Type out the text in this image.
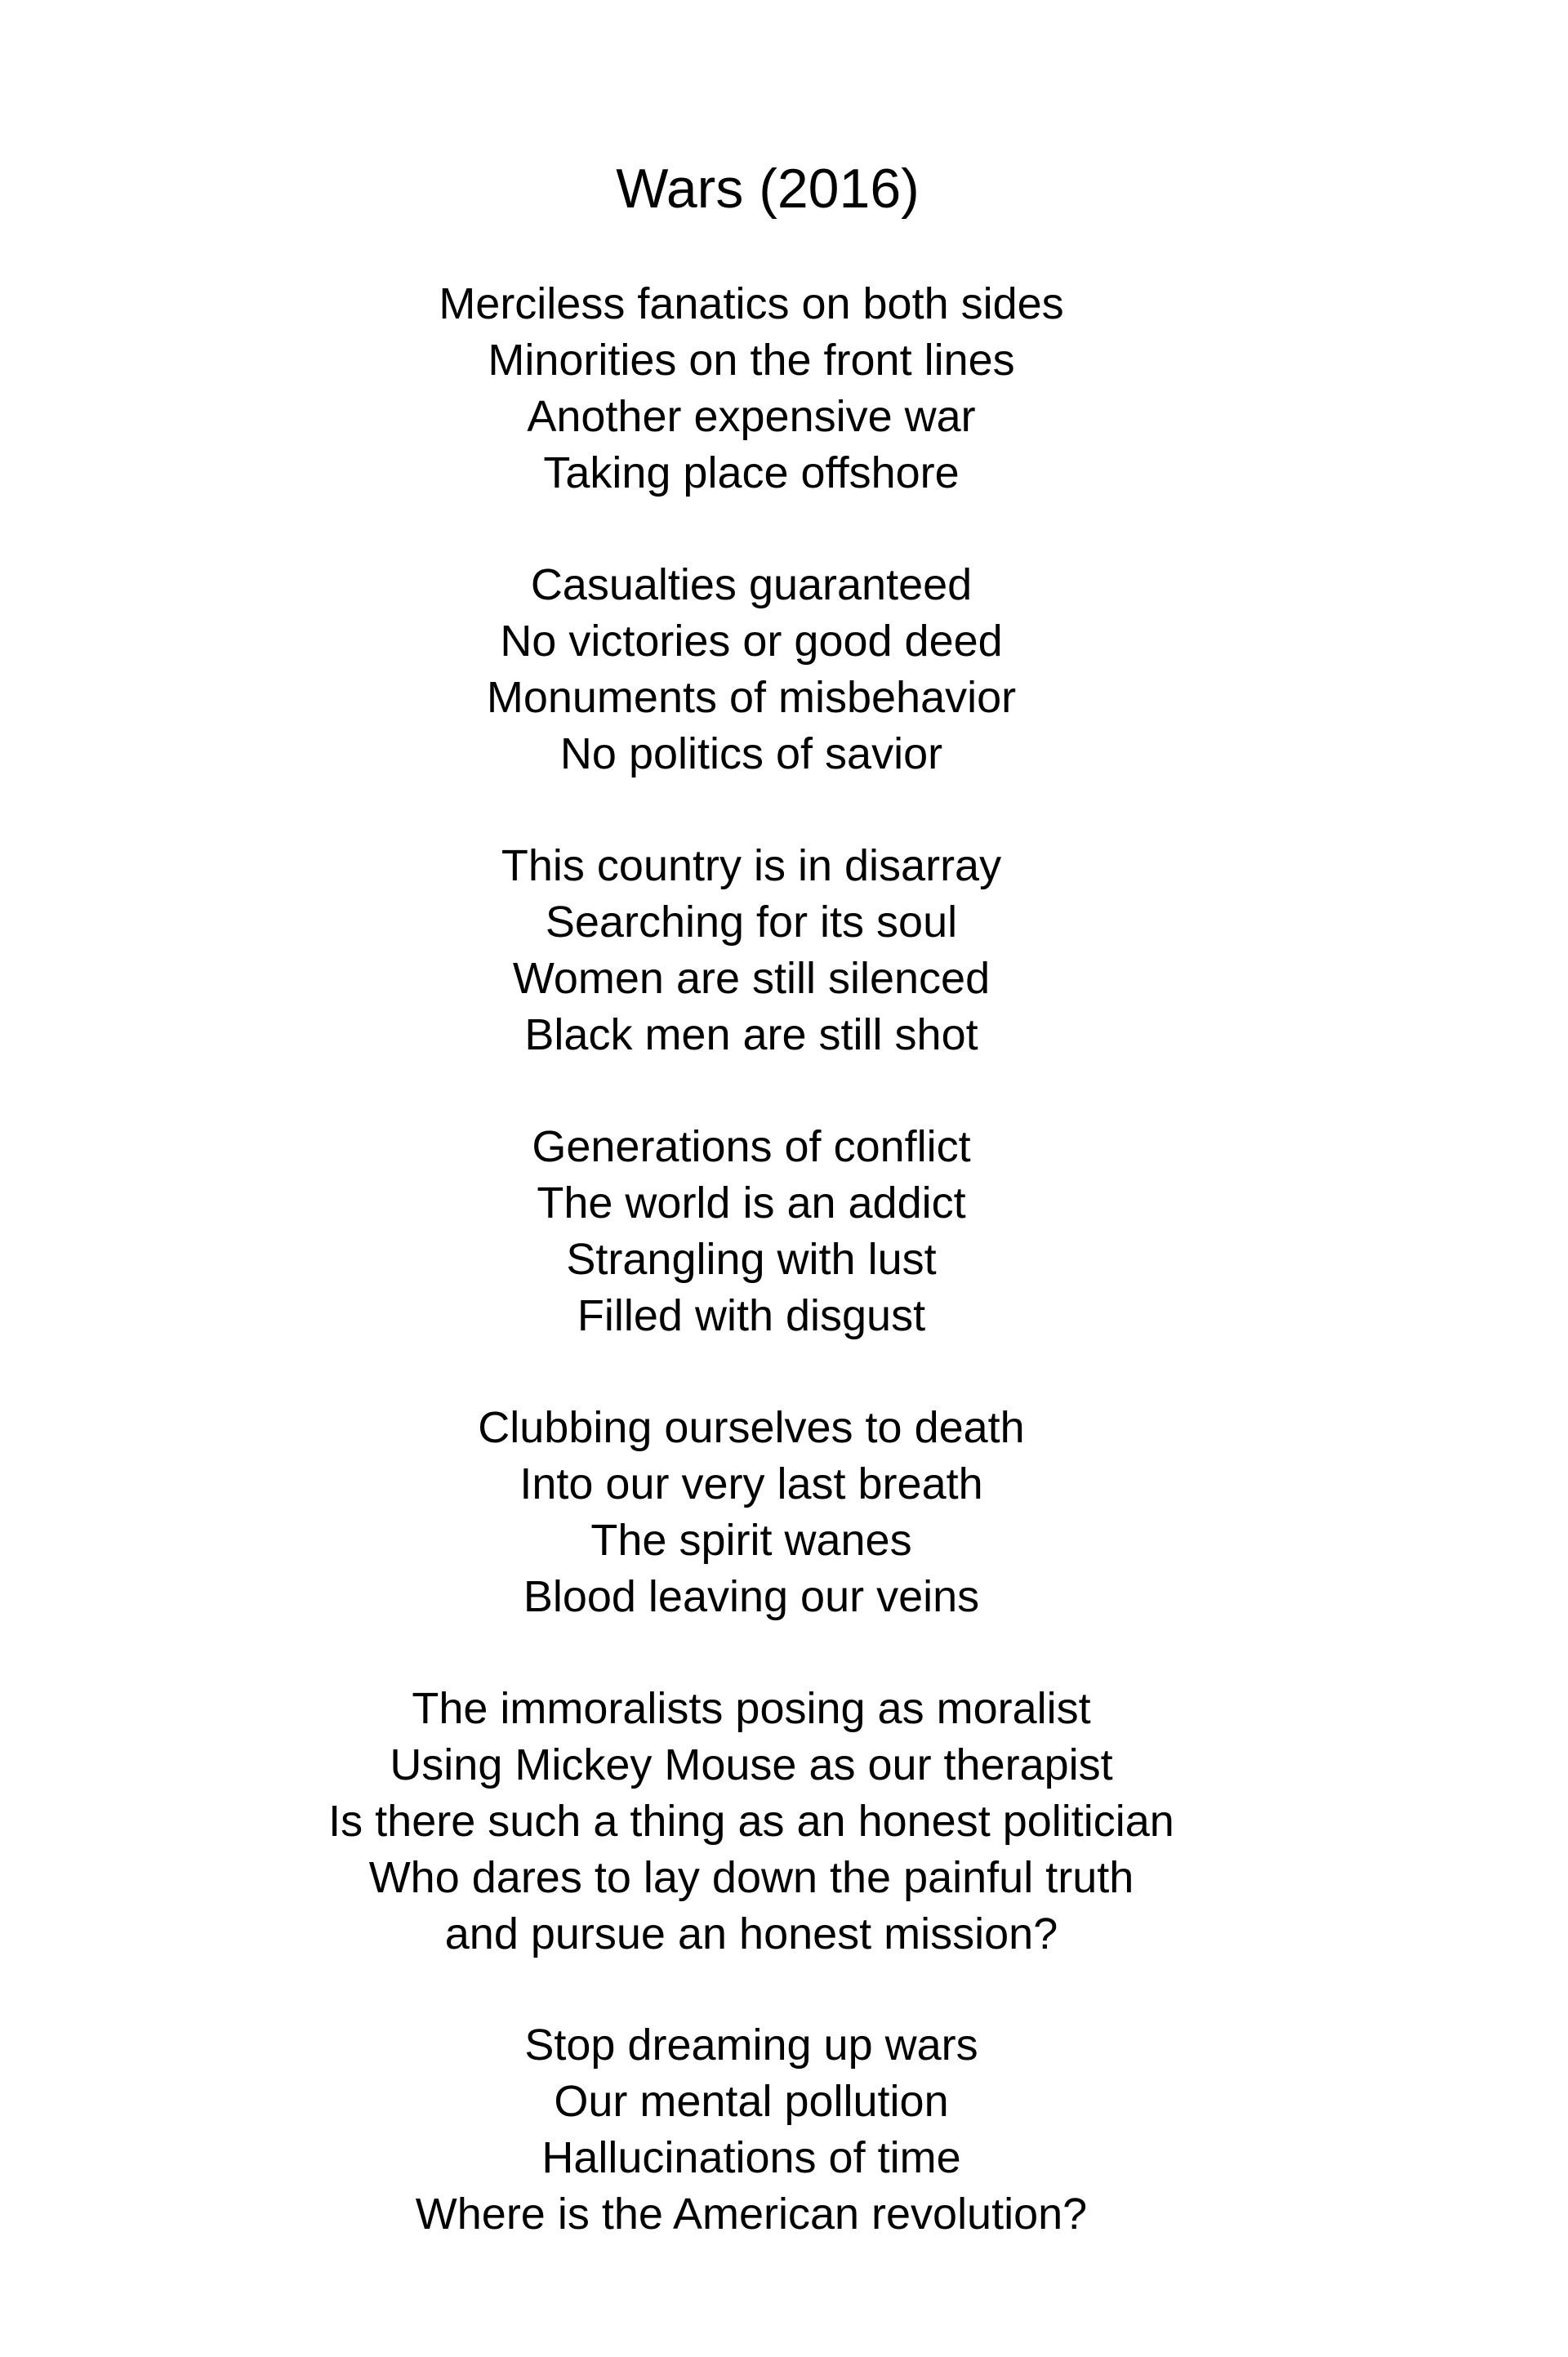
Wars (2016)
Merciless fanatics on both sides
Minorities on the front lines
Another expensive war
Taking place offshore
Casualties guaranteed
No victories or good deed
Monuments of misbehavior
No politics of savior
This country is in disarray
Searching for its soul
Women are still silenced
Black men are still shot
Generations of conflict
The world is an addict
Strangling with lust
Filled with disgust
Clubbing ourselves to death
Into our very last breath
The spirit wanes
Blood leaving our veins
The immoralists posing as moralist
Using Mickey Mouse as our therapist
Is there such a thing as an honest politician
Who dares to lay down the painful truth
and pursue an honest mission?
Stop dreaming up wars
Our mental pollution
Hallucinations of time
Where is the American revolution?
